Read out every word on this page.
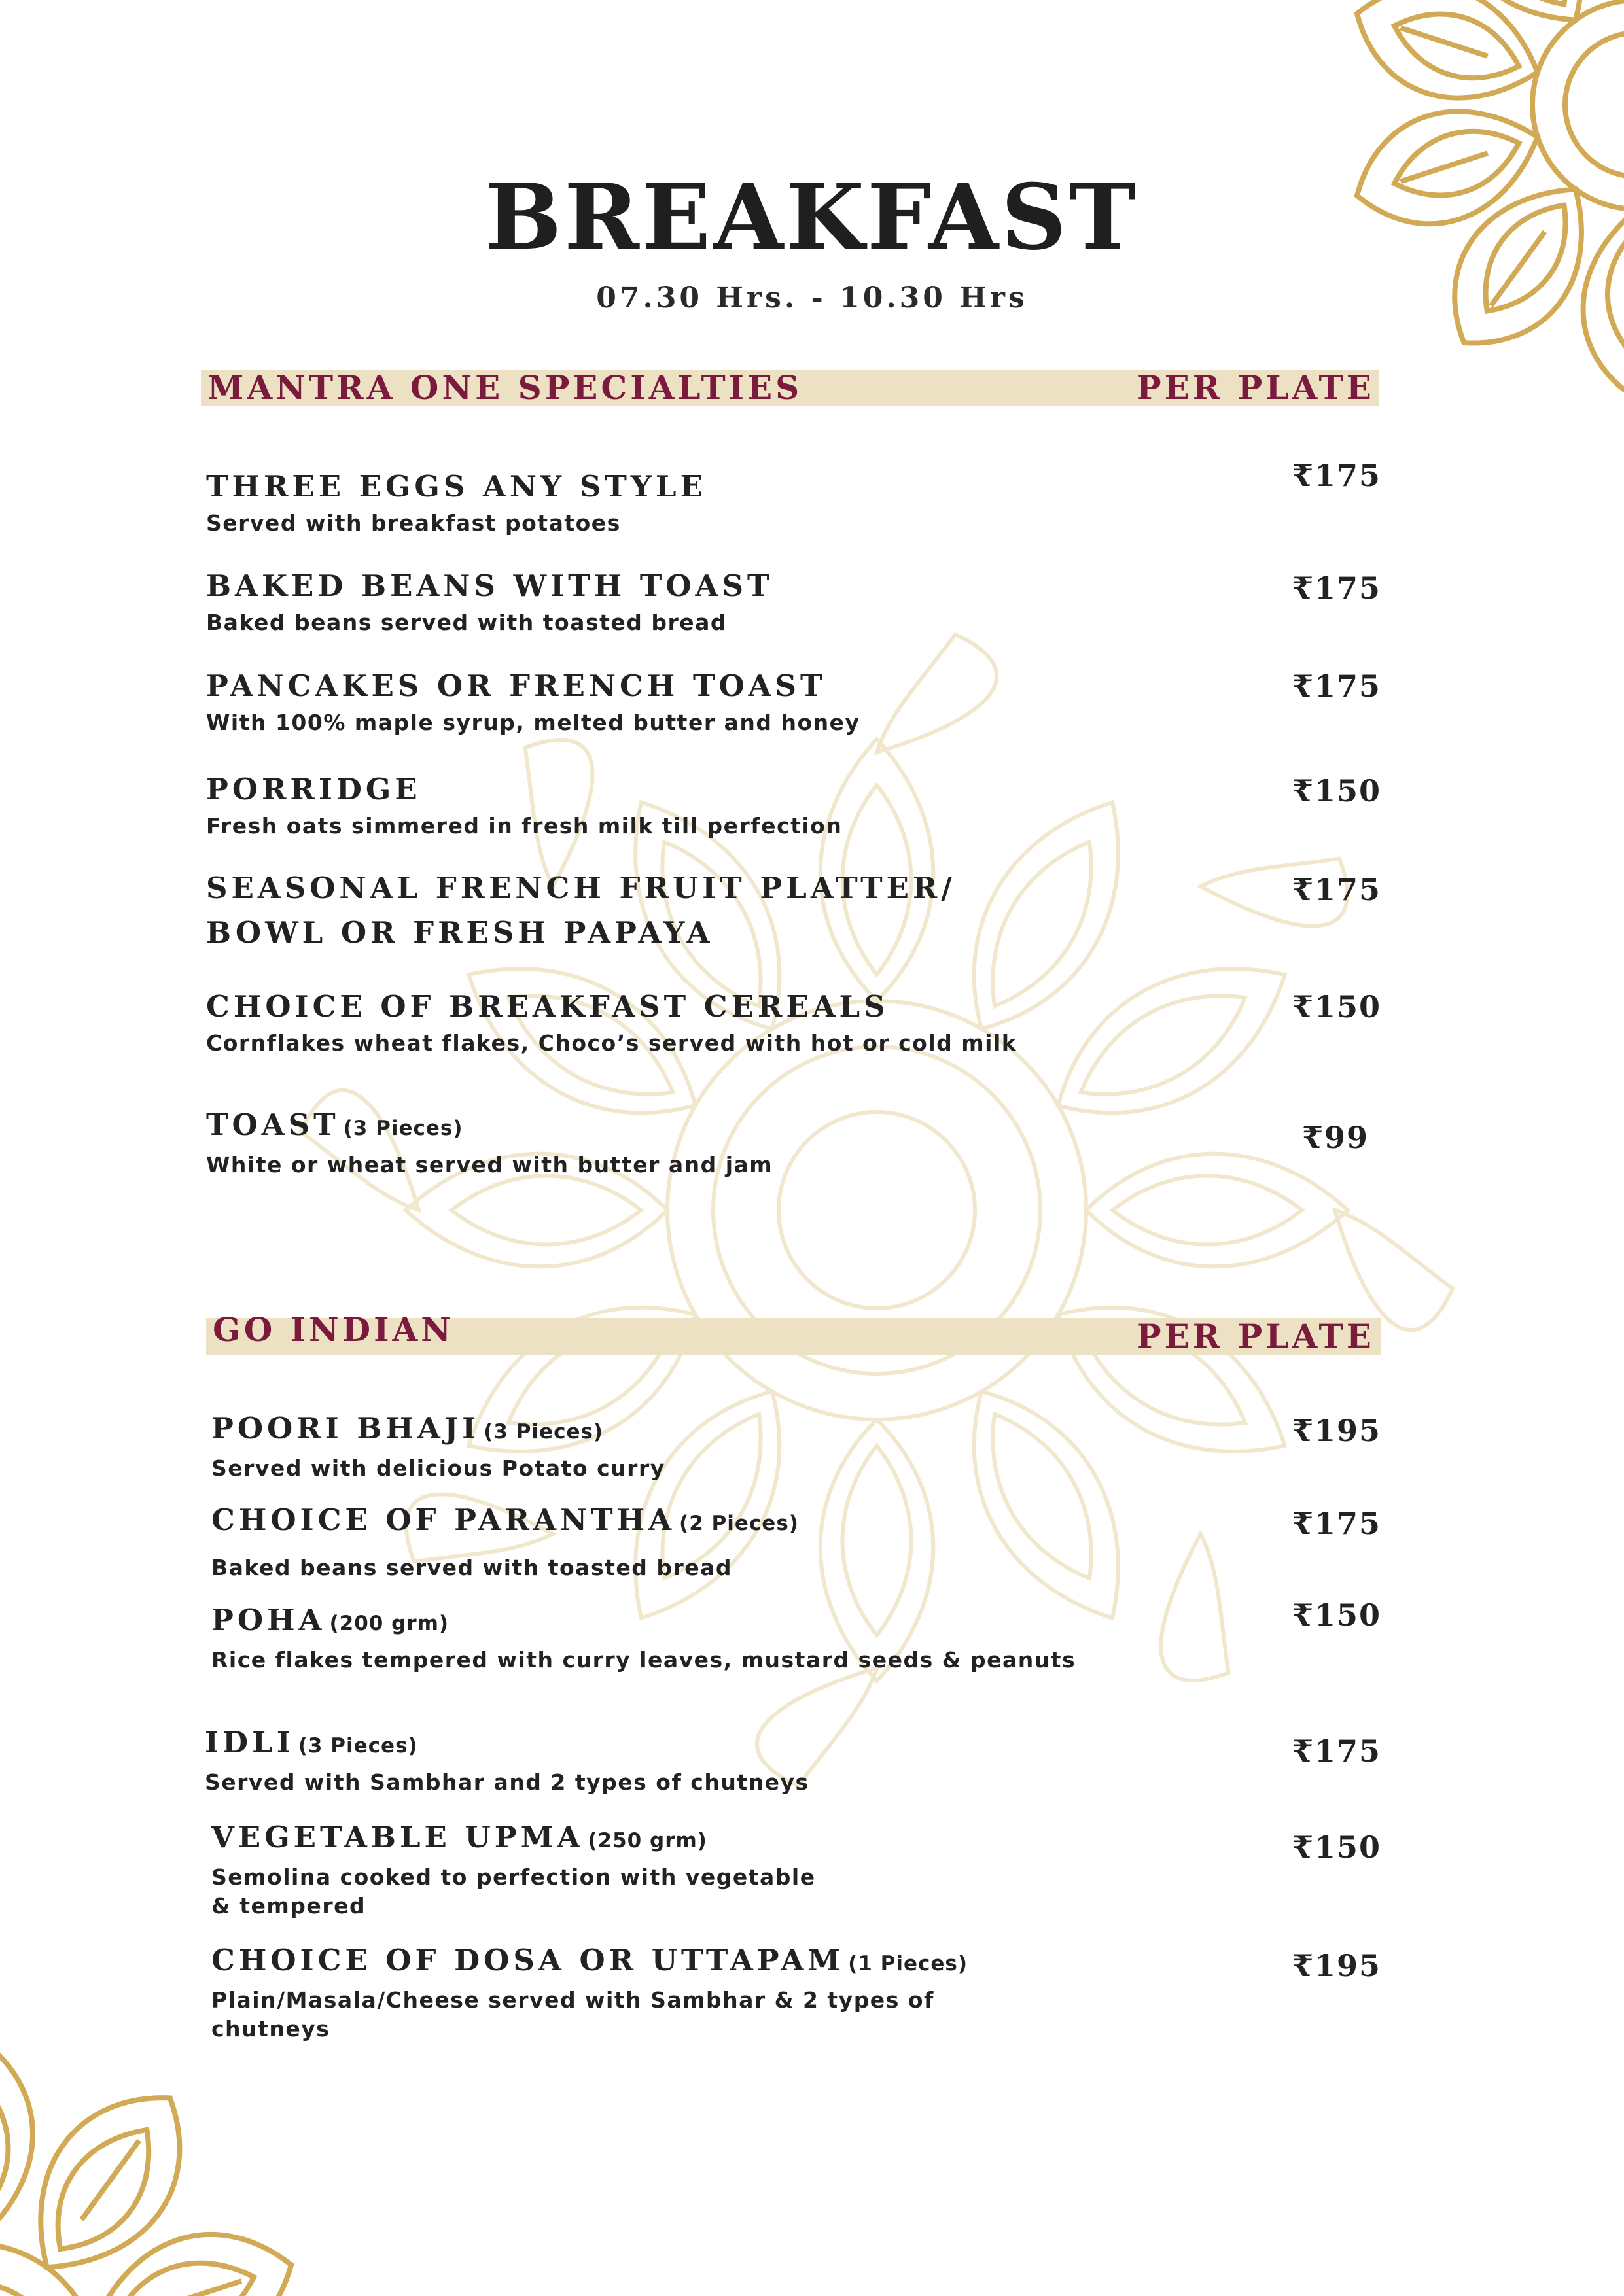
BREAKFAST
07.30 Hrs. - 10.30 Hrs
MANTRA ONE SPECIALTIES	PER PLATE
THREE EGGS ANY STYLE
Served with breakfast potatoes
₹175
BAKED BEANS WITH TOAST
Baked beans served with toasted bread
₹175
PANCAKES OR FRENCH TOAST
With 100% maple syrup, melted butter and honey
₹175
PORRIDGE
Fresh oats simmered in fresh milk till perfection
₹150
SEASONAL FRENCH FRUIT PLATTER/
BOWL OR FRESH PAPAYA
₹175
CHOICE OF BREAKFAST CEREALS
Cornflakes wheat flakes, Choco’s served with hot or cold milk
₹150
TOAST (3 Pieces)
White or wheat served with butter and jam
₹99
GO INDIAN	PER PLATE
POORI BHAJI (3 Pieces)
Served with delicious Potato curry
₹195
CHOICE OF PARANTHA (2 Pieces)
Baked beans served with toasted bread
₹175
POHA (200 grm)
Rice flakes tempered with curry leaves, mustard seeds & peanuts
₹150
IDLI (3 Pieces)
Served with Sambhar and 2 types of chutneys
₹175
VEGETABLE UPMA (250 grm)
Semolina cooked to perfection with vegetable & tempered
₹150
CHOICE OF DOSA OR UTTAPAM (1 Pieces)
Plain/Masala/Cheese served with Sambhar & 2 types of chutneys
₹195
